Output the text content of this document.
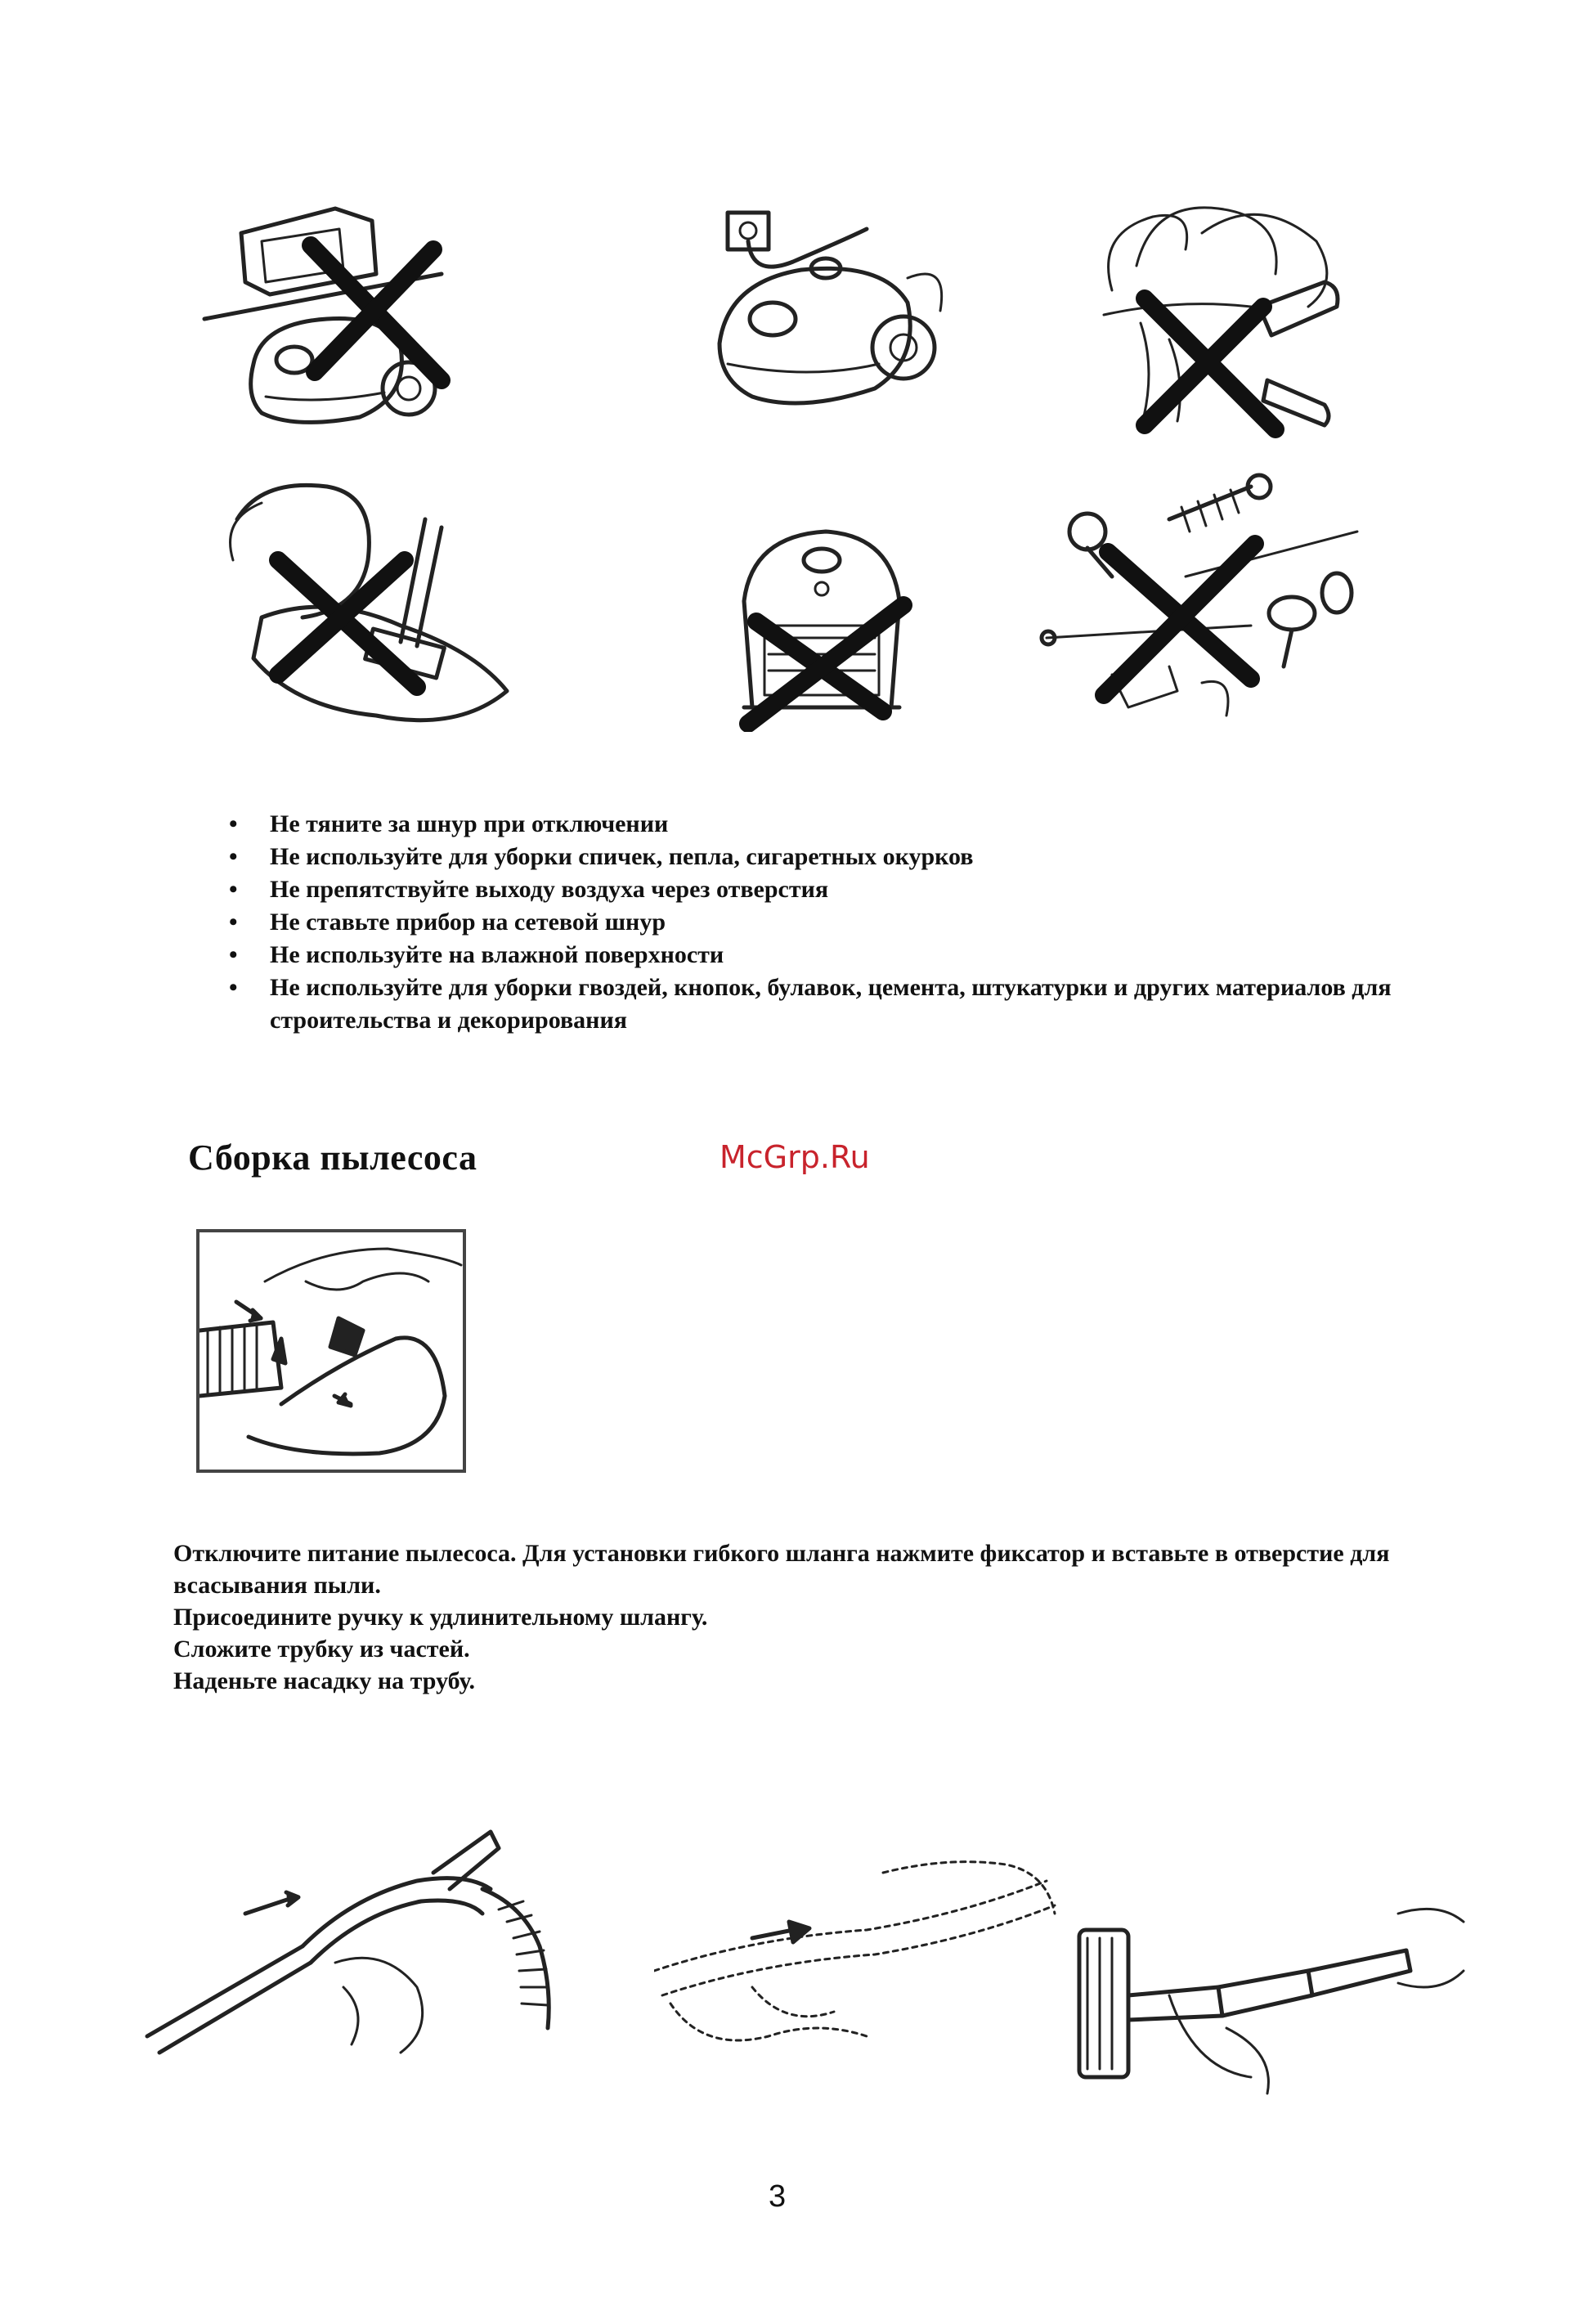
• Не тяните за шнур при отключении
• Не используйте для уборки спичек, пепла, сигаретных окурков
• Не препятствуйте выходу воздуха через отверстия
• Не ставьте прибор на сетевой шнур
• Не используйте на влажной поверхности
• Не используйте для уборки гвоздей, кнопок, булавок, цемента, штукатурки и других материалов для строительства и декорирования
Сборка пылесоса	McGrp.Ru

Отключите питание пылесоса. Для установки гибкого шланга нажмите фиксатор и вставьте в отверстие для всасывания пыли.

Присоедините ручку к удлинительному шлангу.

Сложите трубку из частей.

Наденьте насадку на трубу.

3
